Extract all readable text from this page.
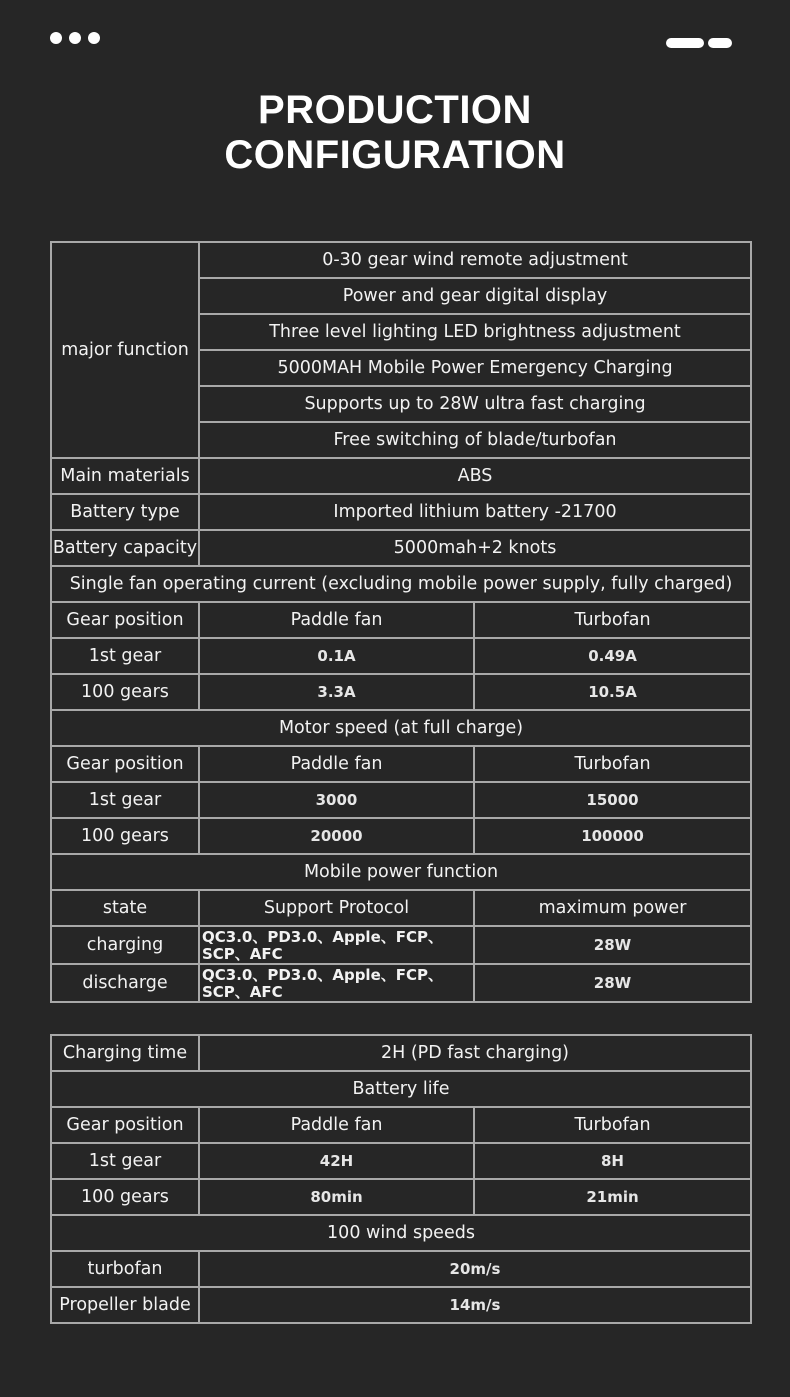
PRODUCTION
CONFIGURATION
major function	0-30 gear wind remote adjustment	
	Power and gear digital display	
	Three level lighting LED brightness adjustment	
	5000MAH Mobile Power Emergency Charging	
	Supports up to 28W ultra fast charging	
	Free switching of blade/turbofan	
Main materials	ABS	
Battery type	Imported lithium battery -21700	
Battery capacity	5000mah+2 knots	
Single fan operating current (excluding mobile power supply, fully charged)		
Gear position	Paddle fan	Turbofan
1st gear	0.1A	0.49A
100 gears	3.3A	10.5A
Motor speed (at full charge)		
Gear position	Paddle fan	Turbofan
1st gear	3000	15000
100 gears	20000	100000
Mobile power function		
state	Support Protocol	maximum power
charging	QC3.0、PD3.0、Apple、FCP、SCP、AFC	28W
discharge	QC3.0、PD3.0、Apple、FCP、SCP、AFC	28W
Charging time	2H (PD fast charging)	
Battery life		
Gear position	Paddle fan	Turbofan
1st gear	42H	8H
100 gears	80min	21min
100 wind speeds		
turbofan	20m/s	
Propeller blade	14m/s	
